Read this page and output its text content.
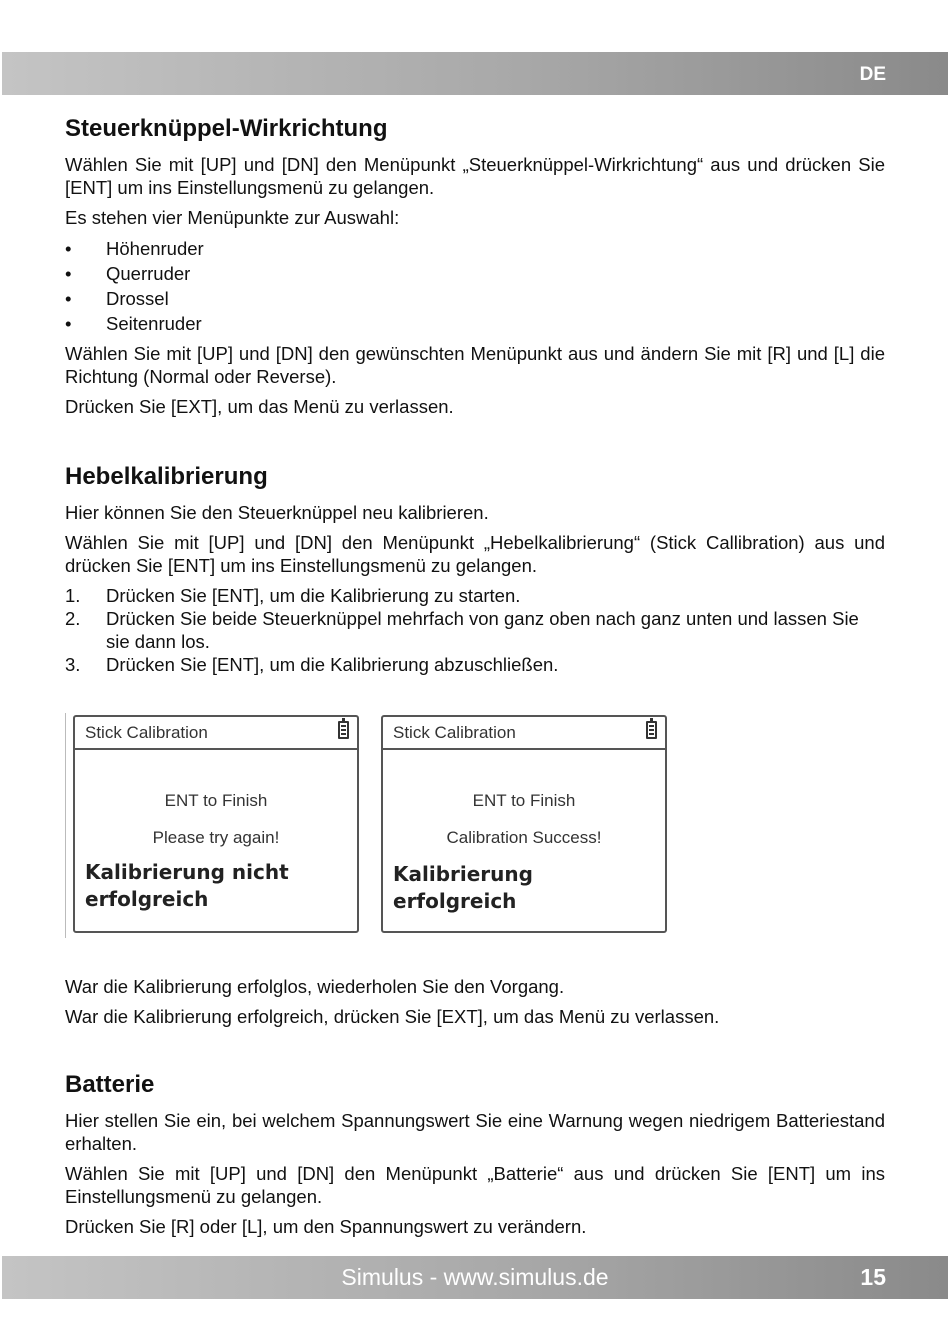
DE
Steuerknüppel-Wirkrichtung

Wählen Sie mit [UP] und [DN] den Menüpunkt „Steuerknüppel-Wirkrichtung“ aus und drücken Sie [ENT] um ins Einstellungsmenü zu gelangen.

Es stehen vier Menüpunkte zur Auswahl:

• Höhenruder
• Querruder
• Drossel
• Seitenruder

Wählen Sie mit [UP] und [DN] den gewünschten Menüpunkt aus und ändern Sie mit [R] und [L] die Richtung (Normal oder Reverse).

Drücken Sie [EXT], um das Menü zu verlassen.

Hebelkalibrierung

Hier können Sie den Steuerknüppel neu kalibrieren.

Wählen Sie mit [UP] und [DN] den Menüpunkt „Hebelkalibrierung“ (Stick Callibration) aus und drücken Sie [ENT] um ins Einstellungsmenü zu gelangen.

1. Drücken Sie [ENT], um die Kalibrierung zu starten.
2. Drücken Sie beide Steuerknüppel mehrfach von ganz oben nach ganz unten und lassen Sie sie dann los.
3. Drücken Sie [ENT], um die Kalibrierung abzuschließen.
Stick Calibration
ENT to Finish
Please try again!
Kalibrierung nicht erfolgreich
Stick Calibration
ENT to Finish
Calibration Success!
Kalibrierung erfolgreich

War die Kalibrierung erfolglos, wiederholen Sie den Vorgang.

War die Kalibrierung erfolgreich, drücken Sie [EXT], um das Menü zu verlassen.

Batterie

Hier stellen Sie ein, bei welchem Spannungswert Sie eine Warnung wegen niedrigem Batteriestand erhalten.

Wählen Sie mit [UP] und [DN] den Menüpunkt „Batterie“ aus und drücken Sie [ENT] um ins Einstellungsmenü zu gelangen.

Drücken Sie [R] oder [L], um den Spannungswert zu verändern.

Simulus - www.simulus.de	15
